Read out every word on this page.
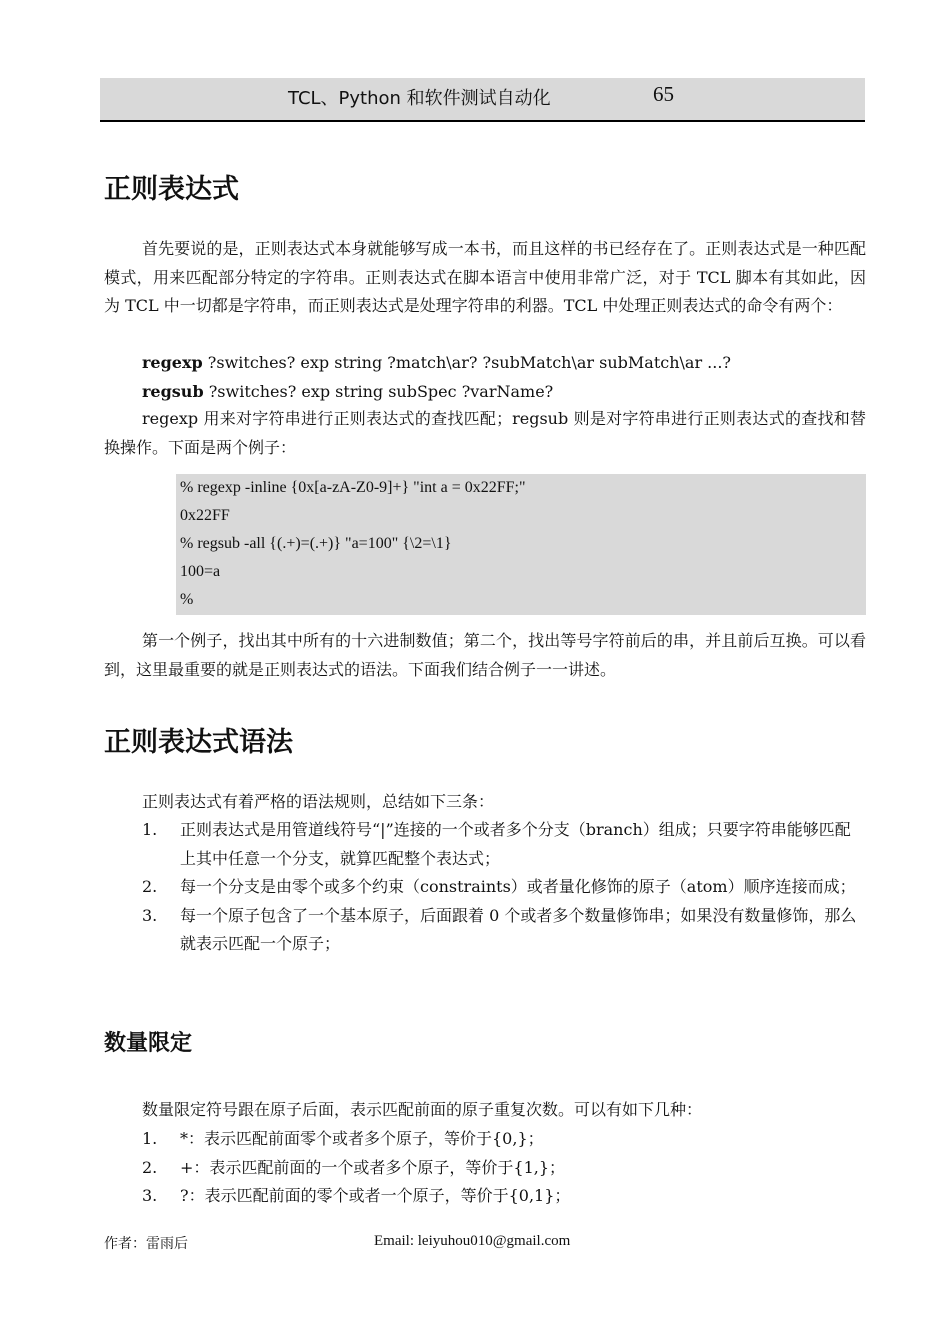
TCL、Python 和软件测试自动化	65
正则表达式

首先要说的是，正则表达式本身就能够写成一本书，而且这样的书已经存在了。正则表达式是一种匹配模式，用来匹配部分特定的字符串。正则表达式在脚本语言中使用非常广泛，对于 TCL 脚本有其如此，因为 TCL 中一切都是字符串，而正则表达式是处理字符串的利器。TCL 中处理正则表达式的命令有两个：

regexp ?switches? exp string ?match\ar? ?subMatch\ar subMatch\ar ...?

regsub ?switches? exp string subSpec ?varName?

regexp 用来对字符串进行正则表达式的查找匹配；regsub 则是对字符串进行正则表达式的查找和替换操作。下面是两个例子：

% regexp -inline {0x[a-zA-Z0-9]+} "int a = 0x22FF;"
0x22FF
% regsub -all {(.+)=(.+)} "a=100" {\2=\1}
100=a
%

第一个例子，找出其中所有的十六进制数值；第二个，找出等号字符前后的串，并且前后互换。可以看到，这里最重要的就是正则表达式的语法。下面我们结合例子一一讲述。

正则表达式语法

正则表达式有着严格的语法规则，总结如下三条：

1. 正则表达式是用管道线符号“|”连接的一个或者多个分支（branch）组成；只要字符串能够匹配上其中任意一个分支，就算匹配整个表达式；
2. 每一个分支是由零个或多个约束（constraints）或者量化修饰的原子（atom）顺序连接而成；
3. 每一个原子包含了一个基本原子，后面跟着 0 个或者多个数量修饰串；如果没有数量修饰，那么就表示匹配一个原子；
数量限定

数量限定符号跟在原子后面，表示匹配前面的原子重复次数。可以有如下几种：

1. *：表示匹配前面零个或者多个原子，等价于{0,}；
2. +：表示匹配前面的一个或者多个原子，等价于{1,}；
3. ?：表示匹配前面的零个或者一个原子，等价于{0,1}；
作者：雷雨后	Email: leiyuhou010@gmail.com
